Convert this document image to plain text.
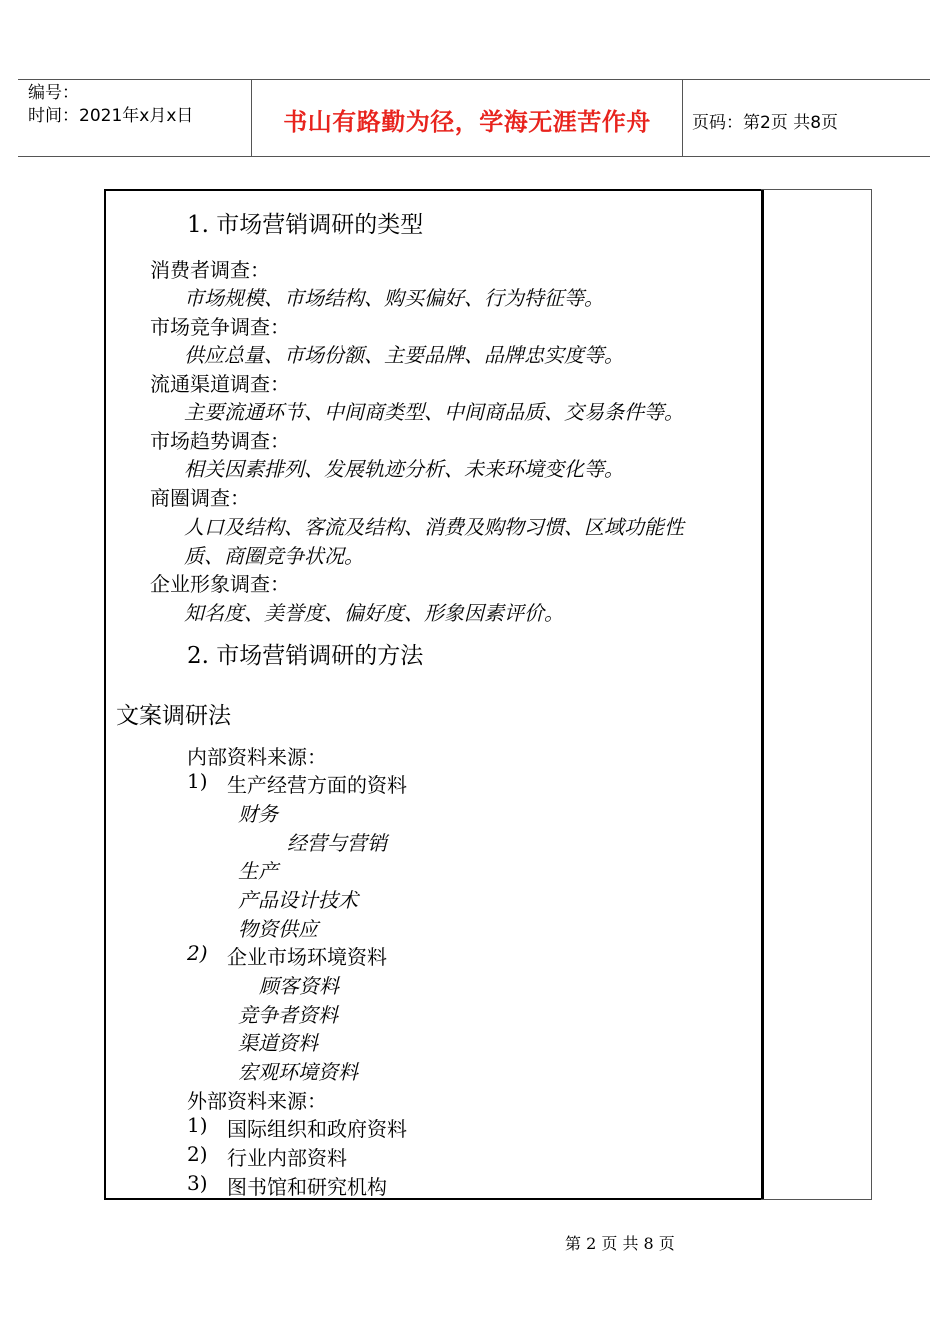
编号：
时间：2021年x月x日	书山有路勤为径，学海无涯苦作舟	页码：第2页 共8页
1. 市场营销调研的类型
消费者调查：
市场规模、市场结构、购买偏好、行为特征等。
市场竞争调查：
供应总量、市场份额、主要品牌、品牌忠实度等。
流通渠道调查：
主要流通环节、中间商类型、中间商品质、交易条件等。
市场趋势调查：
相关因素排列、发展轨迹分析、未来环境变化等。
商圈调查：
人口及结构、客流及结构、消费及购物习惯、区域功能性
质、商圈竞争状况。
企业形象调查：
知名度、美誉度、偏好度、形象因素评价。
2. 市场营销调研的方法
文案调研法
内部资料来源：
1) 生产经营方面的资料
财务
经营与营销
生产
产品设计技术
物资供应
2) 企业市场环境资料
顾客资料
竞争者资料
渠道资料
宏观环境资料
外部资料来源：
1) 国际组织和政府资料
2) 行业内部资料
3) 图书馆和研究机构
第 2 页 共 8 页
